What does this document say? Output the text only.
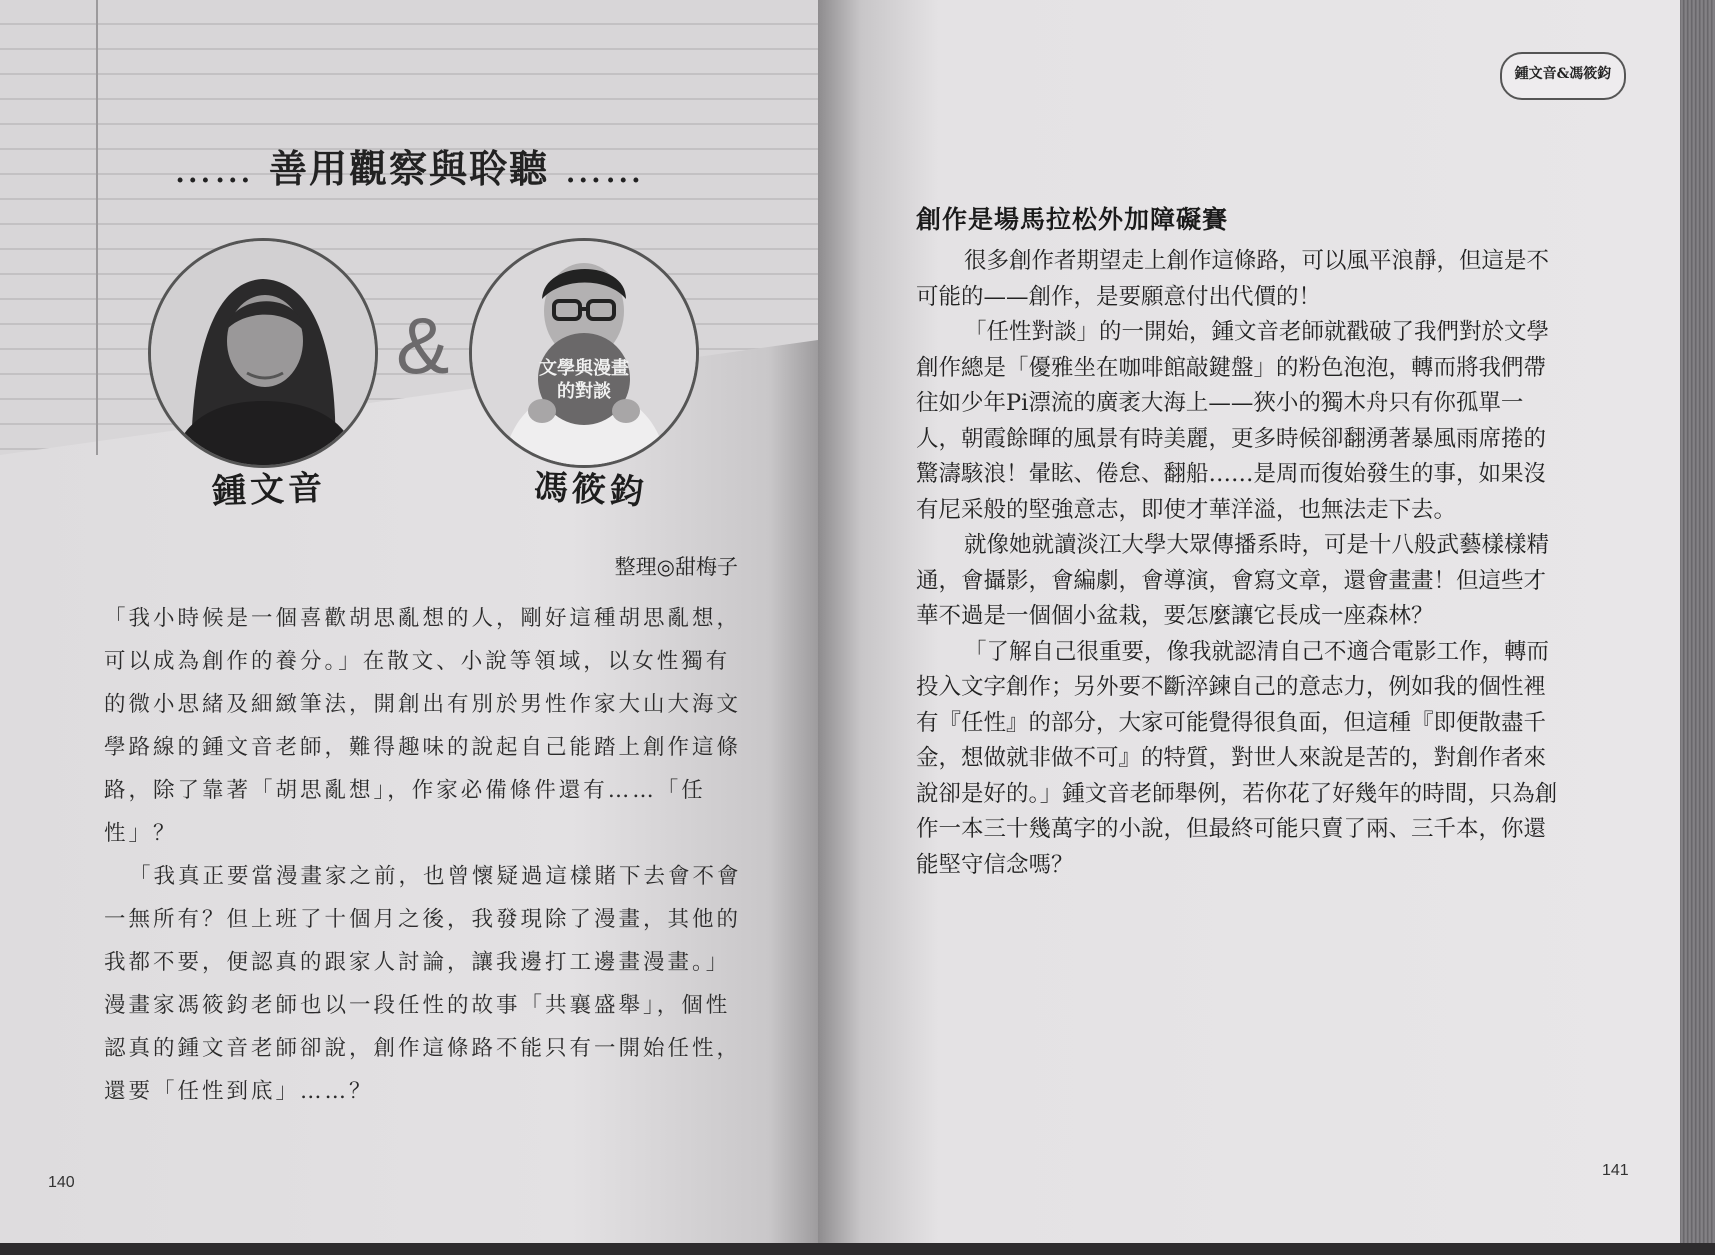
…… 善用觀察與聆聽 ……
&	文學與漫畫
的對談
鍾文音	馮筱鈞
整理◎甜梅子

「我小時候是一個喜歡胡思亂想的人，剛好這種胡思亂想，可以成為創作的養分。」在散文、小說等領域，以女性獨有的微小思緒及細緻筆法，開創出有別於男性作家大山大海文學路線的鍾文音老師，難得趣味的說起自己能踏上創作這條路，除了靠著「胡思亂想」，作家必備條件還有……「任性」？

「我真正要當漫畫家之前，也曾懷疑過這樣賭下去會不會一無所有？但上班了十個月之後，我發現除了漫畫，其他的我都不要，便認真的跟家人討論，讓我邊打工邊畫漫畫。」漫畫家馮筱鈞老師也以一段任性的故事「共襄盛舉」，個性認真的鍾文音老師卻說，創作這條路不能只有一開始任性，還要「任性到底」……？

140
鍾文音&馮筱鈞
創作是場馬拉松外加障礙賽

很多創作者期望走上創作這條路，可以風平浪靜，但這是不可能的——創作，是要願意付出代價的！

「任性對談」的一開始，鍾文音老師就戳破了我們對於文學創作總是「優雅坐在咖啡館敲鍵盤」的粉色泡泡，轉而將我們帶往如少年Pi漂流的廣袤大海上——狹小的獨木舟只有你孤單一人，朝霞餘暉的風景有時美麗，更多時候卻翻湧著暴風雨席捲的驚濤駭浪！暈眩、倦怠、翻船……是周而復始發生的事，如果沒有尼采般的堅強意志，即使才華洋溢，也無法走下去。

就像她就讀淡江大學大眾傳播系時，可是十八般武藝樣樣精通，會攝影，會編劇，會導演，會寫文章，還會畫畫！但這些才華不過是一個個小盆栽，要怎麼讓它長成一座森林？

「了解自己很重要，像我就認清自己不適合電影工作，轉而投入文字創作；另外要不斷淬鍊自己的意志力，例如我的個性裡有『任性』的部分，大家可能覺得很負面，但這種『即便散盡千金，想做就非做不可』的特質，對世人來說是苦的，對創作者來說卻是好的。」鍾文音老師舉例，若你花了好幾年的時間，只為創作一本三十幾萬字的小說，但最終可能只賣了兩、三千本，你還能堅守信念嗎？

141
